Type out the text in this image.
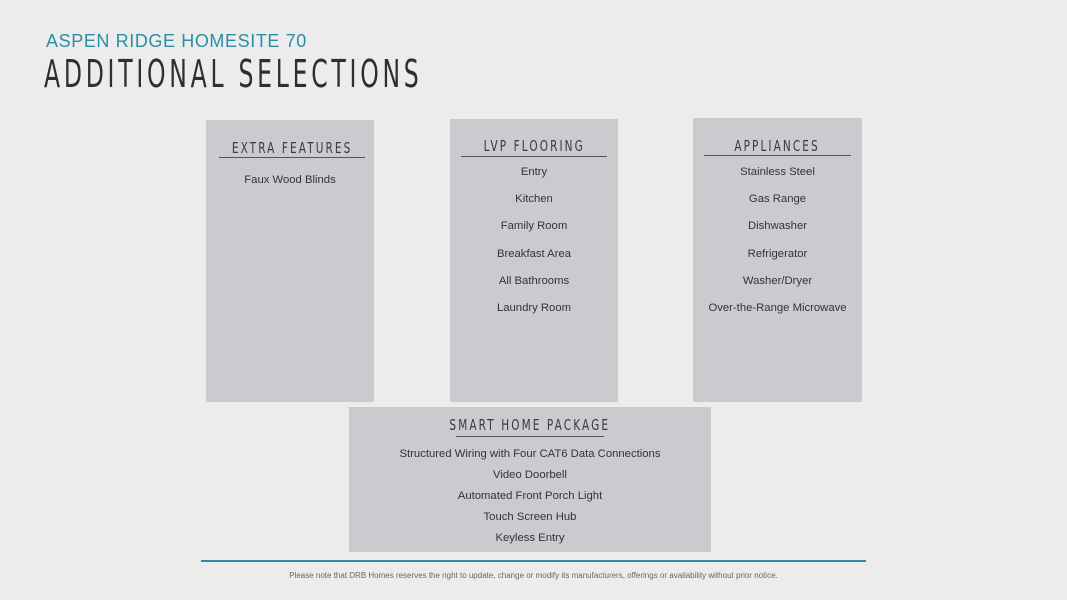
ASPEN RIDGE HOMESITE 70
ADDITIONAL SELECTIONS
EXTRA FEATURES
Faux Wood Blinds
LVP FLOORING
Entry
Kitchen
Family Room
Breakfast Area
All Bathrooms
Laundry Room
APPLIANCES
Stainless Steel
Gas Range
Dishwasher
Refrigerator
Washer/Dryer
Over-the-Range Microwave
SMART HOME PACKAGE
Structured Wiring with Four CAT6 Data Connections
Video Doorbell
Automated Front Porch Light
Touch Screen Hub
Keyless Entry
Please note that DRB Homes reserves the right to update, change or modify its manufacturers, offerings or availability without prior notice.
